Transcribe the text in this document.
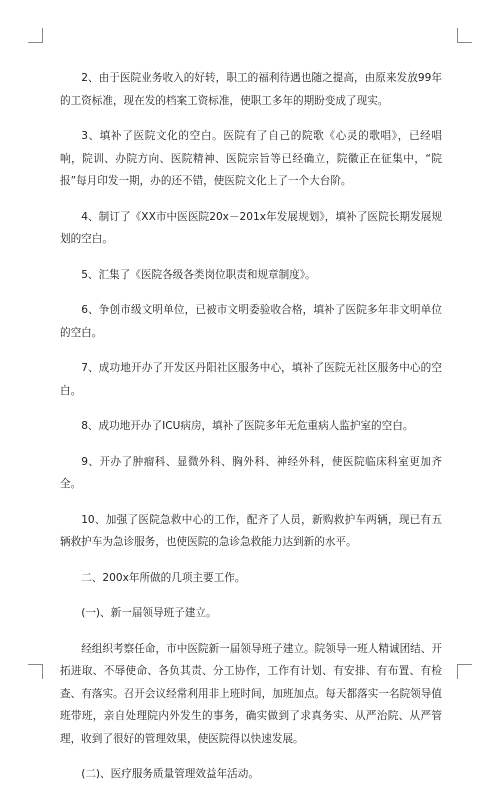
2、由于医院业务收入的好转，职工的福利待遇也随之提高，由原来发放99年的工资标准，现在发的档案工资标准，使职工多年的期盼变成了现实。

3、填补了医院文化的空白。医院有了自己的院歌《心灵的歌唱》，已经唱响，院训、办院方向、医院精神、医院宗旨等已经确立，院徽正在征集中，“院报”每月印发一期，办的还不错，使医院文化上了一个大台阶。

4、制订了《XX市中医医院20x－201x年发展规划》，填补了医院长期发展规划的空白。

5、汇集了《医院各级各类岗位职责和规章制度》。

6、争创市级文明单位，已被市文明委验收合格，填补了医院多年非文明单位的空白。

7、成功地开办了开发区丹阳社区服务中心，填补了医院无社区服务中心的空白。

8、成功地开办了ICU病房，填补了医院多年无危重病人监护室的空白。

9、开办了肿瘤科、显微外科、胸外科、神经外科，使医院临床科室更加齐全。

10、加强了医院急救中心的工作，配齐了人员，新购救护车两辆，现已有五辆救护车为急诊服务，也使医院的急诊急救能力达到新的水平。

二、200x年所做的几项主要工作。

(一)、新一届领导班子建立。

经组织考察任命，市中医院新一届领导班子建立。院领导一班人精诚团结、开拓进取、不辱使命、各负其责、分工协作，工作有计划、有安排、有布置、有检查、有落实。召开会议经常利用非上班时间，加班加点。每天都落实一名院领导值班带班，亲自处理院内外发生的事务，确实做到了求真务实、从严治院、从严管理，收到了很好的管理效果，使医院得以快速发展。

(二)、医疗服务质量管理效益年活动。
